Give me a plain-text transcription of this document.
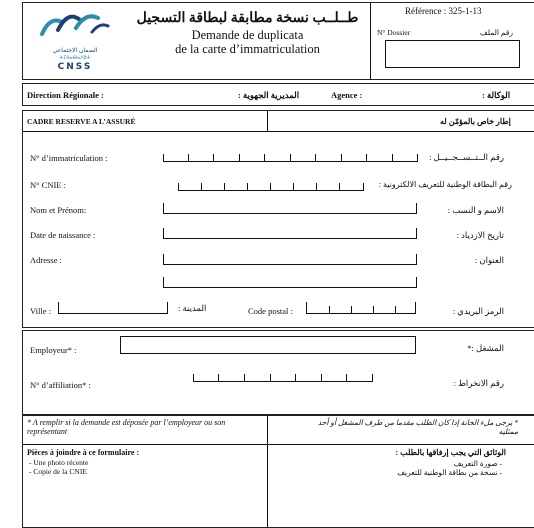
الضمان الاجتماعي
ⵜⵉⵏⵏⴰⴱⴰⴷⵓⵜ
CNSS
طــلــب نسخة مطابقة لبطاقة التسجيل
Demande de duplicata
de la carte d’immatriculation
Référence : 325-1-13
N° Dossier	رقم الملف
Direction Régionale :	المديرية الجهوية :	Agence :	الوكالة :
CADRE RESERVE A L’ASSURÉ	إطار خاص بالمؤمّن له
N° d’immatriculation :	رقم الــتــســجــيــل :
N° CNIE :	رقم البطاقة الوطنية للتعريف الالكترونية :
Nom et Prénom:	الاسم و النسب :
Date de naissance :	تاريخ الازدياد :
Adresse :	العنوان :
Ville :	المدينة :	Code postal :	الرمز البريدي :
Employeur* :	المشغل :*
N° d’affiliation* :	رقم الانخراط :
* A remplir si la demande est déposée par l’employeur ou son représentant
* يرجى ملء الخانة إذا كان الطلب مقدما من طرف المشغل أو أحد ممثليه
Pièces à joindre à ce formulaire :
- Une photo récente
- Copie de la CNIE
الوثائق التي يجب إرفاقها بالطلب :
- صورة التعريف
- نسخة من بطاقة الوطنية للتعريف
